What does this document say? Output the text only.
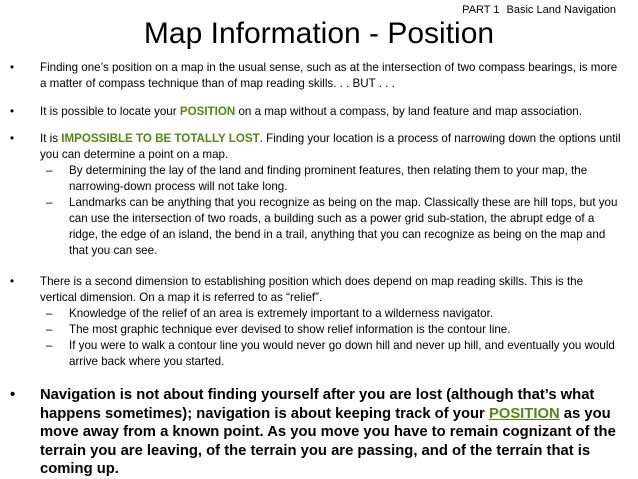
PART 1 Basic Land Navigation
Map Information - Position
• Finding one’s position on a map in the usual sense, such as at the intersection of two compass bearings, is more a matter of compass technique than of map reading skills. . . BUT . . .
• It is possible to locate your POSITION on a map without a compass, by land feature and map association.
• It is IMPOSSIBLE TO BE TOTALLY LOST. Finding your location is a process of narrowing down the options until you can determine a point on a map.
– By determining the lay of the land and finding prominent features, then relating them to your map, the narrowing-down process will not take long.
– Landmarks can be anything that you recognize as being on the map. Classically these are hill tops, but you can use the intersection of two roads, a building such as a power grid sub-station, the abrupt edge of a ridge, the edge of an island, the bend in a trail, anything that you can recognize as being on the map and that you can see.
• There is a second dimension to establishing position which does depend on map reading skills. This is the vertical dimension. On a map it is referred to as “relief”.
– Knowledge of the relief of an area is extremely important to a wilderness navigator.
– The most graphic technique ever devised to show relief information is the contour line.
– If you were to walk a contour line you would never go down hill and never up hill, and eventually you would arrive back where you started.
• Navigation is not about finding yourself after you are lost (although that’s what happens sometimes); navigation is about keeping track of your POSITION as you move away from a known point. As you move you have to remain cognizant of the terrain you are leaving, of the terrain you are passing, and of the terrain that is coming up.
